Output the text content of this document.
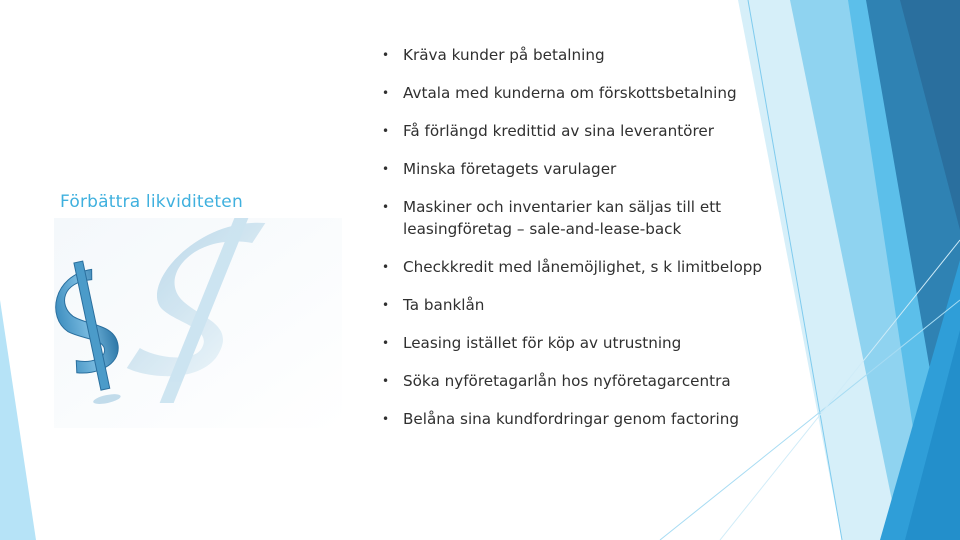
Förbättra likviditeten
• Kräva kunder på betalning
• Avtala med kunderna om förskottsbetalning
• Få förlängd kredittid av sina leverantörer
• Minska företagets varulager
• Maskiner och inventarier kan säljas till ett leasingföretag – sale-and-lease-back
• Checkkredit med lånemöjlighet, s k limitbelopp
• Ta banklån
• Leasing istället för köp av utrustning
• Söka nyföretagarlån hos nyföretagarcentra
• Belåna sina kundfordringar genom factoring
